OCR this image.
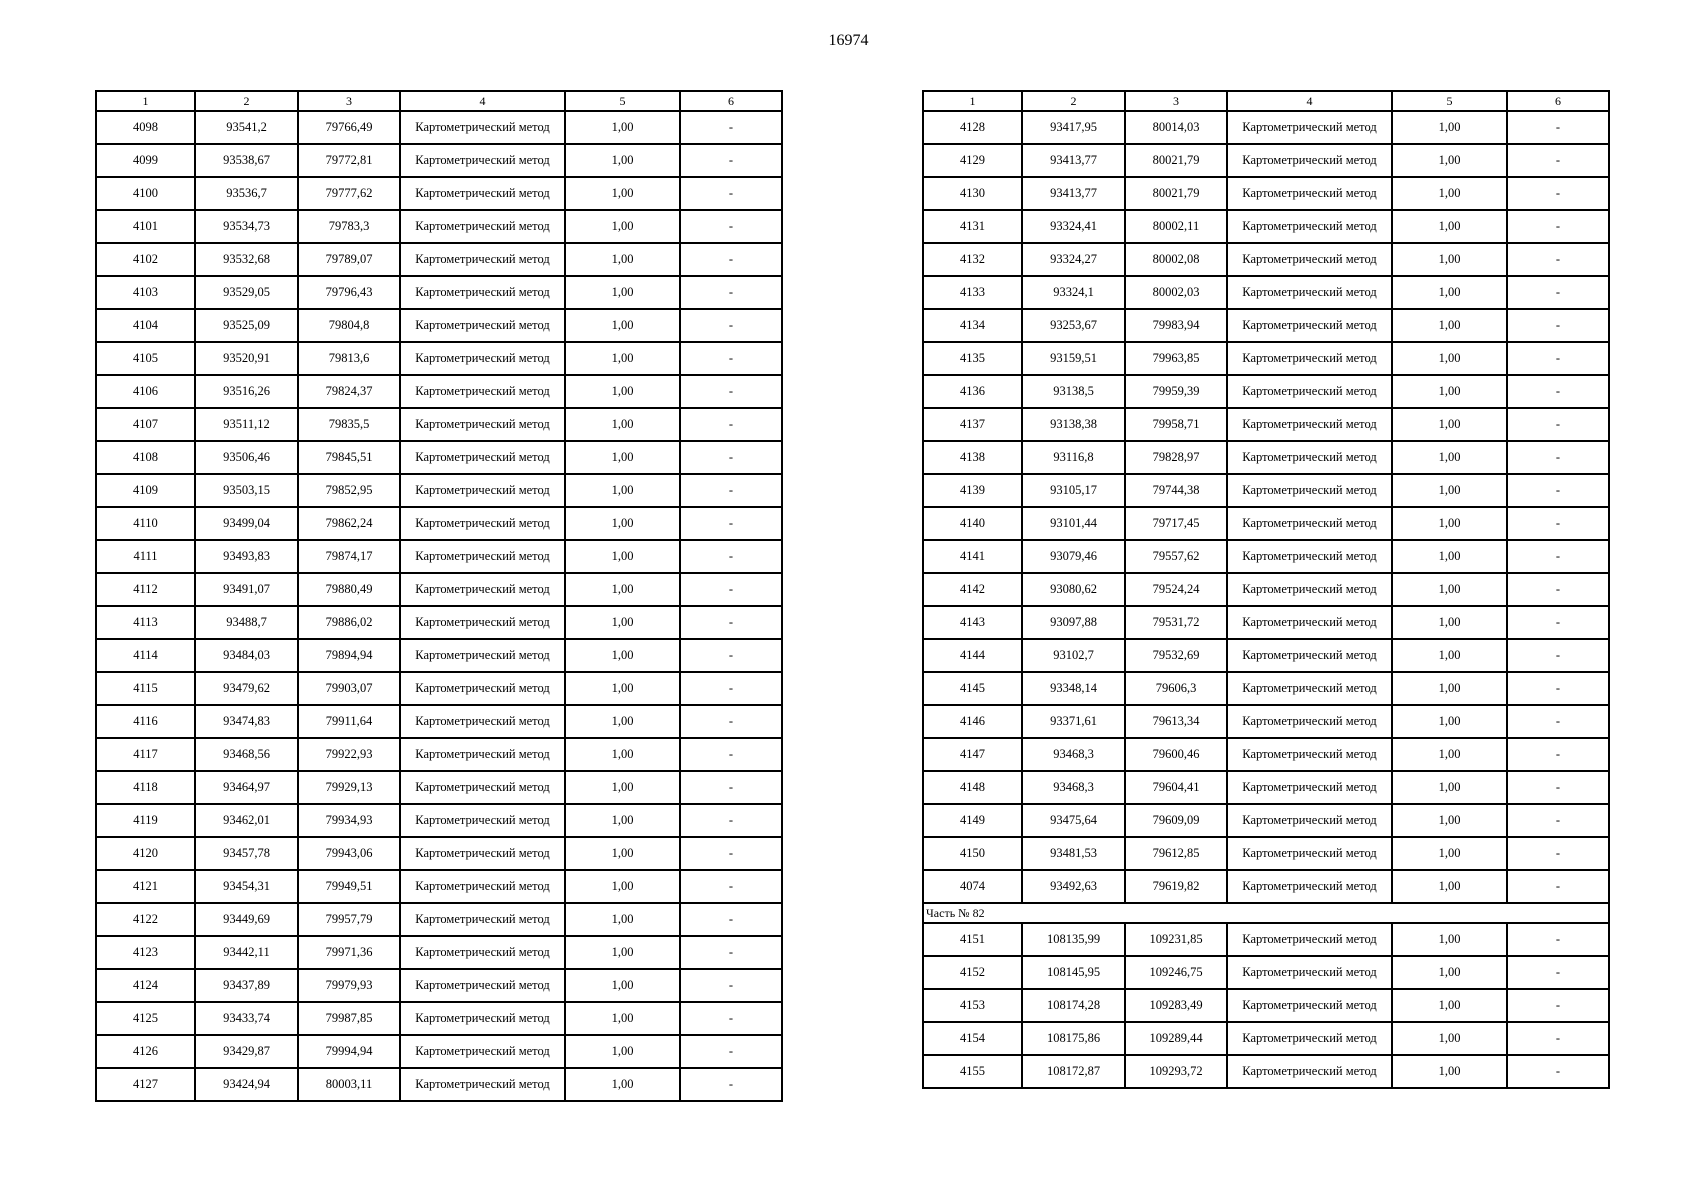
16974
1	2	3	4	5	6
4098	93541,2	79766,49	Картометрический метод	1,00	-
4099	93538,67	79772,81	Картометрический метод	1,00	-
4100	93536,7	79777,62	Картометрический метод	1,00	-
4101	93534,73	79783,3	Картометрический метод	1,00	-
4102	93532,68	79789,07	Картометрический метод	1,00	-
4103	93529,05	79796,43	Картометрический метод	1,00	-
4104	93525,09	79804,8	Картометрический метод	1,00	-
4105	93520,91	79813,6	Картометрический метод	1,00	-
4106	93516,26	79824,37	Картометрический метод	1,00	-
4107	93511,12	79835,5	Картометрический метод	1,00	-
4108	93506,46	79845,51	Картометрический метод	1,00	-
4109	93503,15	79852,95	Картометрический метод	1,00	-
4110	93499,04	79862,24	Картометрический метод	1,00	-
4111	93493,83	79874,17	Картометрический метод	1,00	-
4112	93491,07	79880,49	Картометрический метод	1,00	-
4113	93488,7	79886,02	Картометрический метод	1,00	-
4114	93484,03	79894,94	Картометрический метод	1,00	-
4115	93479,62	79903,07	Картометрический метод	1,00	-
4116	93474,83	79911,64	Картометрический метод	1,00	-
4117	93468,56	79922,93	Картометрический метод	1,00	-
4118	93464,97	79929,13	Картометрический метод	1,00	-
4119	93462,01	79934,93	Картометрический метод	1,00	-
4120	93457,78	79943,06	Картометрический метод	1,00	-
4121	93454,31	79949,51	Картометрический метод	1,00	-
4122	93449,69	79957,79	Картометрический метод	1,00	-
4123	93442,11	79971,36	Картометрический метод	1,00	-
4124	93437,89	79979,93	Картометрический метод	1,00	-
4125	93433,74	79987,85	Картометрический метод	1,00	-
4126	93429,87	79994,94	Картометрический метод	1,00	-
4127	93424,94	80003,11	Картометрический метод	1,00	-
1	2	3	4	5	6
4128	93417,95	80014,03	Картометрический метод	1,00	-
4129	93413,77	80021,79	Картометрический метод	1,00	-
4130	93413,77	80021,79	Картометрический метод	1,00	-
4131	93324,41	80002,11	Картометрический метод	1,00	-
4132	93324,27	80002,08	Картометрический метод	1,00	-
4133	93324,1	80002,03	Картометрический метод	1,00	-
4134	93253,67	79983,94	Картометрический метод	1,00	-
4135	93159,51	79963,85	Картометрический метод	1,00	-
4136	93138,5	79959,39	Картометрический метод	1,00	-
4137	93138,38	79958,71	Картометрический метод	1,00	-
4138	93116,8	79828,97	Картометрический метод	1,00	-
4139	93105,17	79744,38	Картометрический метод	1,00	-
4140	93101,44	79717,45	Картометрический метод	1,00	-
4141	93079,46	79557,62	Картометрический метод	1,00	-
4142	93080,62	79524,24	Картометрический метод	1,00	-
4143	93097,88	79531,72	Картометрический метод	1,00	-
4144	93102,7	79532,69	Картометрический метод	1,00	-
4145	93348,14	79606,3	Картометрический метод	1,00	-
4146	93371,61	79613,34	Картометрический метод	1,00	-
4147	93468,3	79600,46	Картометрический метод	1,00	-
4148	93468,3	79604,41	Картометрический метод	1,00	-
4149	93475,64	79609,09	Картометрический метод	1,00	-
4150	93481,53	79612,85	Картометрический метод	1,00	-
4074	93492,63	79619,82	Картометрический метод	1,00	-
Часть № 82					
4151	108135,99	109231,85	Картометрический метод	1,00	-
4152	108145,95	109246,75	Картометрический метод	1,00	-
4153	108174,28	109283,49	Картометрический метод	1,00	-
4154	108175,86	109289,44	Картометрический метод	1,00	-
4155	108172,87	109293,72	Картометрический метод	1,00	-
